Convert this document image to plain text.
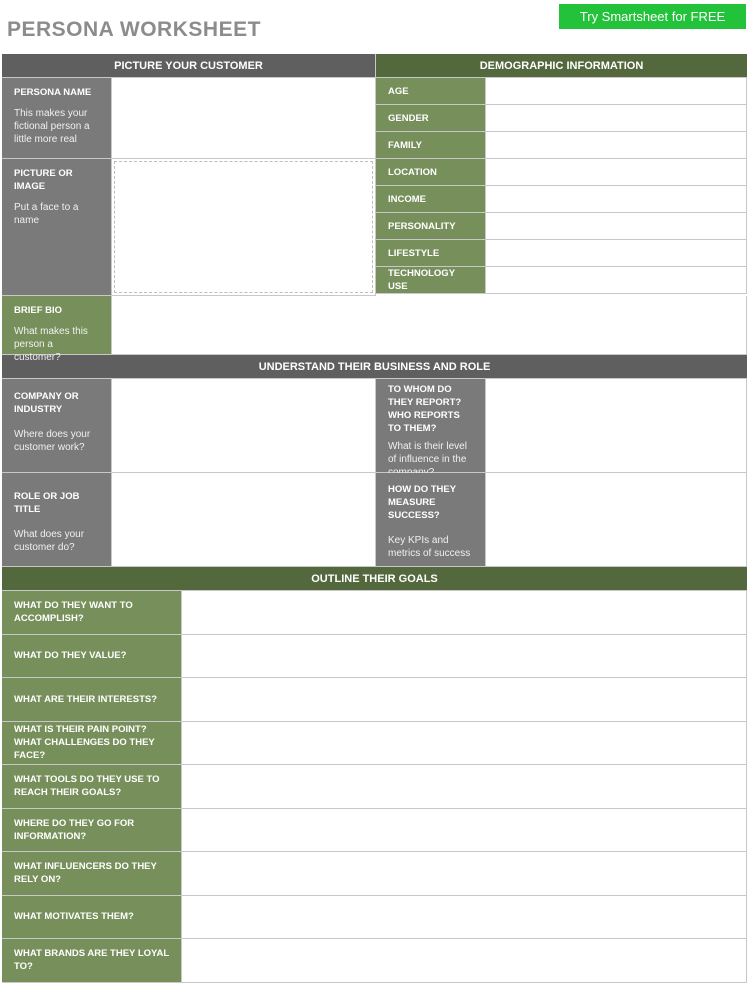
PERSONA WORKSHEET
Try Smartsheet for FREE
PICTURE YOUR CUSTOMER	DEMOGRAPHIC INFORMATION
PERSONA NAME
This makes your fictional person a little more real
PICTURE OR IMAGE
Put a face to a name
AGE
GENDER
FAMILY
LOCATION
INCOME
PERSONALITY
LIFESTYLE
TECHNOLOGY USE
BRIEF BIO
What makes this person a customer?
UNDERSTAND THEIR BUSINESS AND ROLE
COMPANY OR INDUSTRY
Where does your customer work?
TO WHOM DO THEY REPORT? WHO REPORTS TO THEM?
What is their level of influence in the
ROLE OR JOB TITLE
What does your customer do?
HOW DO THEY MEASURE SUCCESS?
Key KPIs and metrics of success
OUTLINE THEIR GOALS
WHAT DO THEY WANT TO ACCOMPLISH?
WHAT DO THEY VALUE?
WHAT ARE THEIR INTERESTS?
WHAT IS THEIR PAIN POINT? WHAT CHALLENGES DO THEY FACE?
WHAT TOOLS DO THEY USE TO REACH THEIR GOALS?
WHERE DO THEY GO FOR INFORMATION?
WHAT INFLUENCERS DO THEY RELY ON?
WHAT MOTIVATES THEM?
WHAT BRANDS ARE THEY LOYAL TO?
